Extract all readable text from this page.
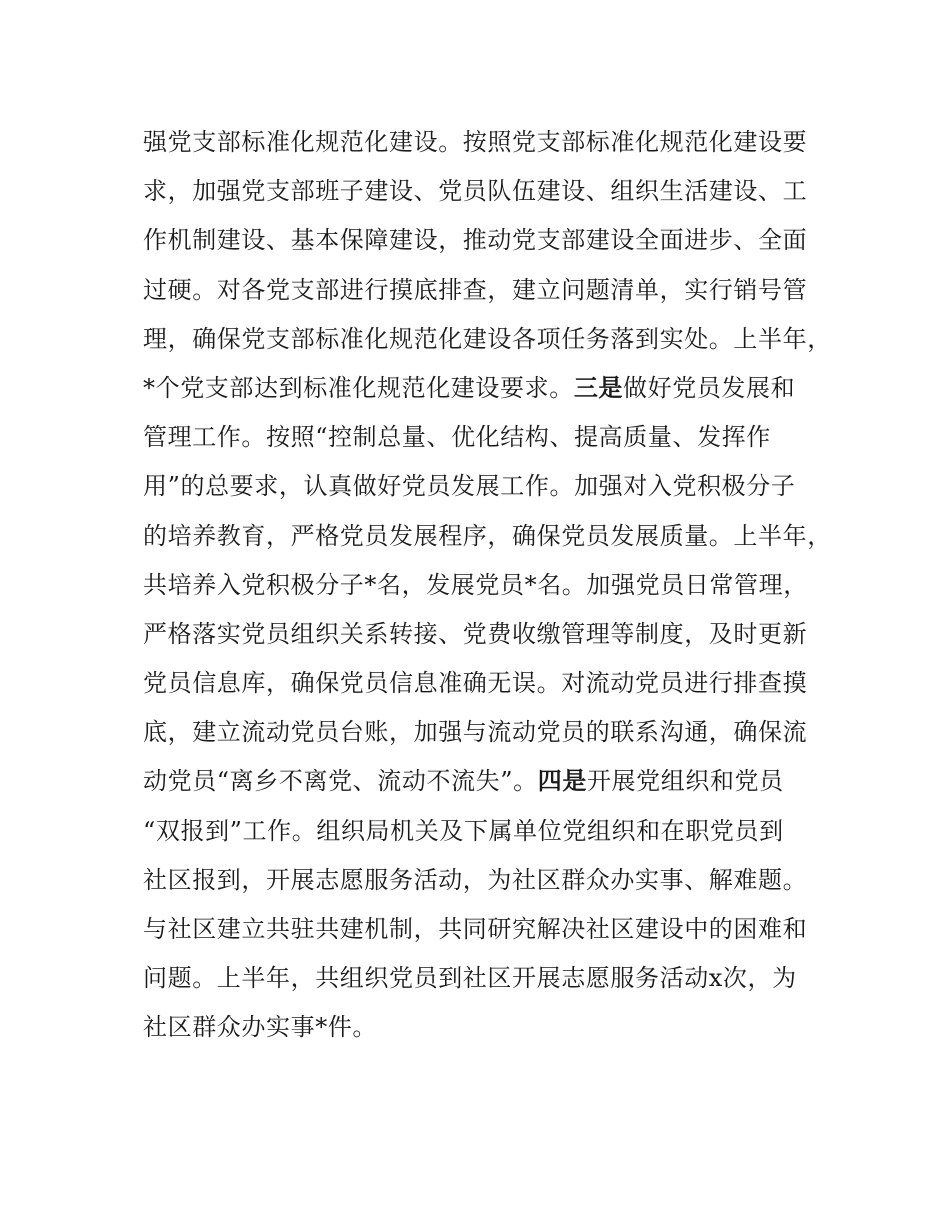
强党支部标准化规范化建设。按照党支部标准化规范化建设要
求，加强党支部班子建设、党员队伍建设、组织生活建设、工
作机制建设、基本保障建设，推动党支部建设全面进步、全面
过硬。对各党支部进行摸底排查，建立问题清单，实行销号管
理，确保党支部标准化规范化建设各项任务落到实处。上半年，
*个党支部达到标准化规范化建设要求。三是做好党员发展和
管理工作。按照“控制总量、优化结构、提高质量、发挥作
用”的总要求，认真做好党员发展工作。加强对入党积极分子
的培养教育，严格党员发展程序，确保党员发展质量。上半年，
共培养入党积极分子*名，发展党员*名。加强党员日常管理，
严格落实党员组织关系转接、党费收缴管理等制度，及时更新
党员信息库，确保党员信息准确无误。对流动党员进行排查摸
底，建立流动党员台账，加强与流动党员的联系沟通，确保流
动党员“离乡不离党、流动不流失”。四是开展党组织和党员
“双报到”工作。组织局机关及下属单位党组织和在职党员到
社区报到，开展志愿服务活动，为社区群众办实事、解难题。
与社区建立共驻共建机制，共同研究解决社区建设中的困难和
问题。上半年，共组织党员到社区开展志愿服务活动x次，为
社区群众办实事*件。
